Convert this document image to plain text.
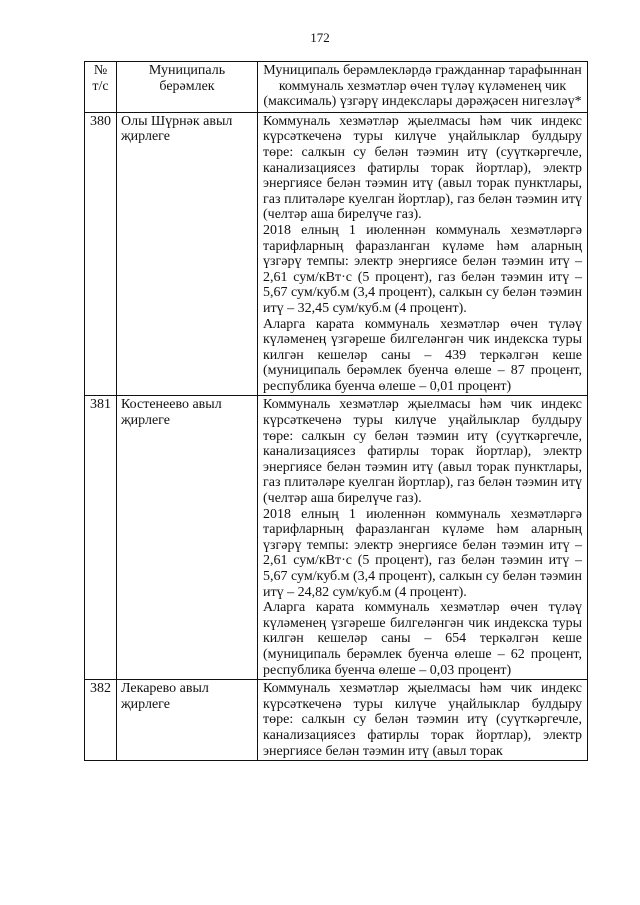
172
№ т/с	Муниципаль берәмлек	Муниципаль берәмлекләрдә гражданнар тарафыннан коммуналь хезмәтләр өчен түләү күләменең чик (максималь) үзгәрү индекслары дәрәҗәсен нигезләү*
380	Олы Шүрнәк авыл җирлеге	Коммуналь хезмәтләр җыелмасы һәм чик индекс күрсәткеченә туры килүче уңайлыклар булдыру төре: салкын су белән тәэмин итү (суүткәргечле, канализациясез фатирлы торак йортлар), электр энергиясе белән тәэмин итү (авыл торак пунктлары, газ плитәләре куелган йортлар), газ белән тәэмин итү (челтәр аша бирелүче газ).

2018 елның 1 июленнән коммуналь хезмәтләргә тарифларның фаразланган күләме һәм аларның үзгәрү темпы: электр энергиясе белән тәэмин итү – 2,61 сум/кВт·с (5 процент), газ белән тәэмин итү – 5,67 сум/куб.м (3,4 процент), салкын су белән тәэмин итү – 32,45 сум/куб.м (4 процент).

Аларга карата коммуналь хезмәтләр өчен түләү күләменең үзгәреше билгеләнгән чик индекска туры килгән кешеләр саны – 439 теркәлгән кеше (муниципаль берәмлек буенча өлеше – 87 процент, республика буенча өлеше – 0,01 процент)

381	Костенеево авыл җирлеге	Коммуналь хезмәтләр җыелмасы һәм чик индекс күрсәткеченә туры килүче уңайлыклар булдыру төре: салкын су белән тәэмин итү (суүткәргечле, канализациясез фатирлы торак йортлар), электр энергиясе белән тәэмин итү (авыл торак пунктлары, газ плитәләре куелган йортлар), газ белән тәэмин итү (челтәр аша бирелүче газ).

2018 елның 1 июленнән коммуналь хезмәтләргә тарифларның фаразланган күләме һәм аларның үзгәрү темпы: электр энергиясе белән тәэмин итү – 2,61 сум/кВт·с (5 процент), газ белән тәэмин итү – 5,67 сум/куб.м (3,4 процент), салкын су белән тәэмин итү – 24,82 сум/куб.м (4 процент).

Аларга карата коммуналь хезмәтләр өчен түләү күләменең үзгәреше билгеләнгән чик индекска туры килгән кешеләр саны – 654 теркәлгән кеше (муниципаль берәмлек буенча өлеше – 62 процент, республика буенча өлеше – 0,03 процент)

382	Лекарево авыл җирлеге	Коммуналь хезмәтләр җыелмасы һәм чик индекс күрсәткеченә туры килүче уңайлыклар булдыру төре: салкын су белән тәэмин итү (суүткәргечле, канализациясез фатирлы торак йортлар), электр энергиясе белән тәэмин итү (авыл торак
